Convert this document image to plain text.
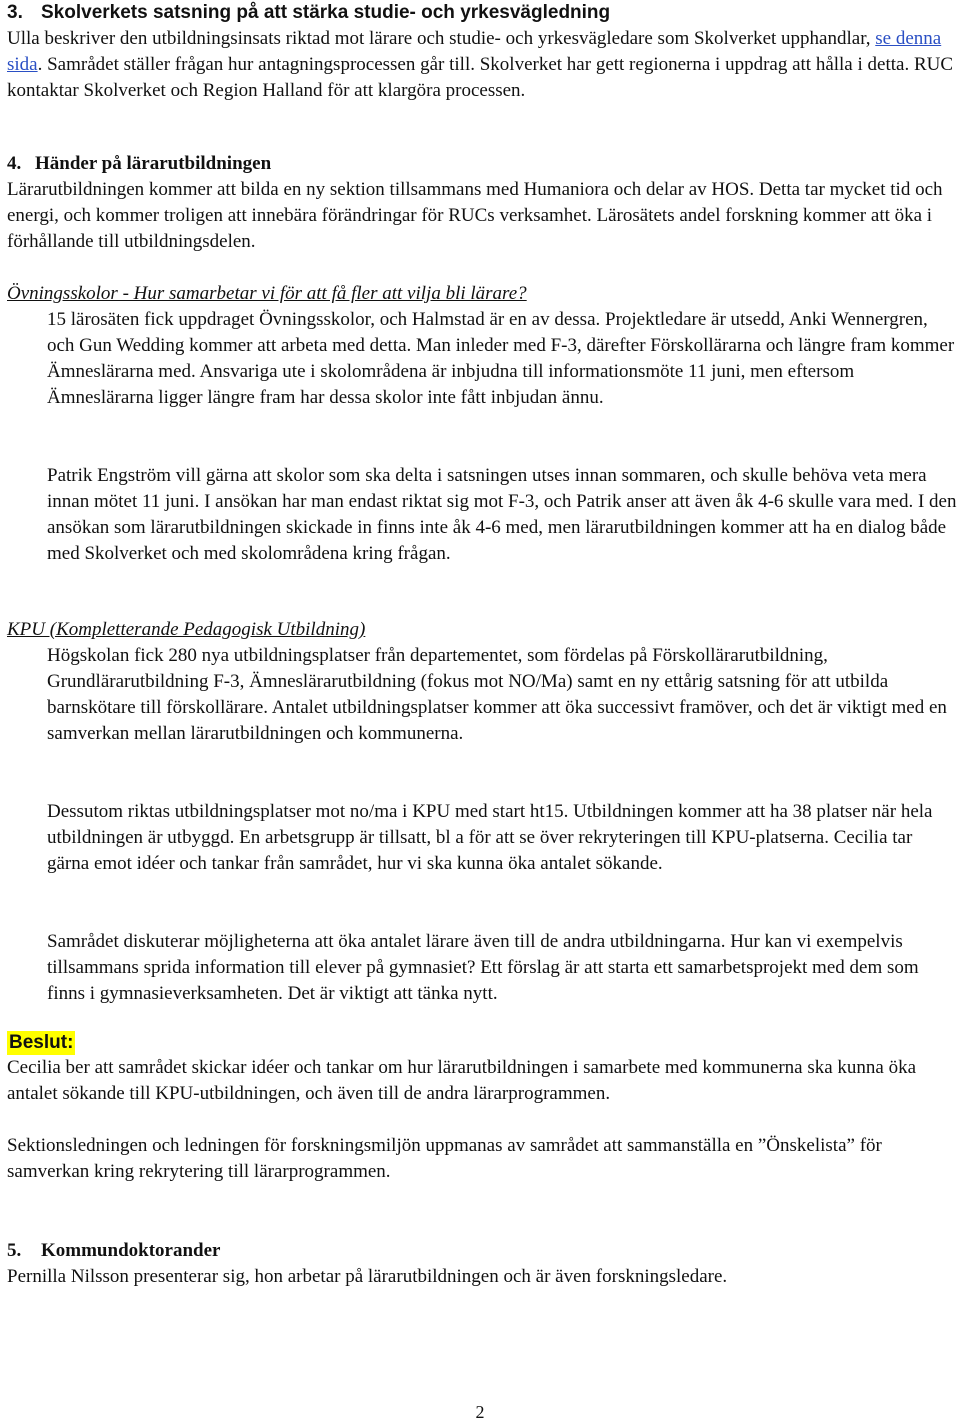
3. Skolverkets satsning på att stärka studie- och yrkesvägledning

Ulla beskriver den utbildningsinsats riktad mot lärare och studie- och yrkesvägledare som Skolverket upphandlar, se denna sida. Samrådet ställer frågan hur antagningsprocessen går till. Skolverket har gett regionerna i uppdrag att hålla i detta. RUC kontaktar Skolverket och Region Halland för att klargöra processen.

4. Händer på lärarutbildningen

Lärarutbildningen kommer att bilda en ny sektion tillsammans med Humaniora och delar av HOS. Detta tar mycket tid och energi, och kommer troligen att innebära förändringar för RUCs verksamhet. Lärosätets andel forskning kommer att öka i förhållande till utbildningsdelen.

Övningsskolor - Hur samarbetar vi för att få fler att vilja bli lärare?
15 lärosäten fick uppdraget Övningsskolor, och Halmstad är en av dessa. Projektledare är utsedd, Anki Wennergren, och Gun Wedding kommer att arbeta med detta. Man inleder med F-3, därefter Förskollärarna och längre fram kommer Ämneslärarna med. Ansvariga ute i skolområdena är inbjudna till informationsmöte 11 juni, men eftersom Ämneslärarna ligger längre fram har dessa skolor inte fått inbjudan ännu.
Patrik Engström vill gärna att skolor som ska delta i satsningen utses innan sommaren, och skulle behöva veta mera innan mötet 11 juni. I ansökan har man endast riktat sig mot F-3, och Patrik anser att även åk 4-6 skulle vara med. I den ansökan som lärarutbildningen skickade in finns inte åk 4-6 med, men lärarutbildningen kommer att ha en dialog både med Skolverket och med skolområdena kring frågan.
KPU (Kompletterande Pedagogisk Utbildning)
Högskolan fick 280 nya utbildningsplatser från departementet, som fördelas på Förskollärarutbildning, Grundlärarutbildning F-3, Ämneslärarutbildning (fokus mot NO/Ma) samt en ny ettårig satsning för att utbilda barnskötare till förskollärare. Antalet utbildningsplatser kommer att öka successivt framöver, och det är viktigt med en samverkan mellan lärarutbildningen och kommunerna.
Dessutom riktas utbildningsplatser mot no/ma i KPU med start ht15. Utbildningen kommer att ha 38 platser när hela utbildningen är utbyggd. En arbetsgrupp är tillsatt, bl a för att se över rekryteringen till KPU-platserna. Cecilia tar gärna emot idéer och tankar från samrådet, hur vi ska kunna öka antalet sökande.
Samrådet diskuterar möjligheterna att öka antalet lärare även till de andra utbildningarna. Hur kan vi exempelvis tillsammans sprida information till elever på gymnasiet? Ett förslag är att starta ett samarbetsprojekt med dem som finns i gymnasieverksamheten. Det är viktigt att tänka nytt.
Beslut:

Cecilia ber att samrådet skickar idéer och tankar om hur lärarutbildningen i samarbete med kommunerna ska kunna öka antalet sökande till KPU-utbildningen, och även till de andra lärarprogrammen.

Sektionsledningen och ledningen för forskningsmiljön uppmanas av samrådet att sammanställa en ”Önskelista” för samverkan kring rekrytering till lärarprogrammen.

5. Kommundoktorander

Pernilla Nilsson presenterar sig, hon arbetar på lärarutbildningen och är även forskningsledare.

2
